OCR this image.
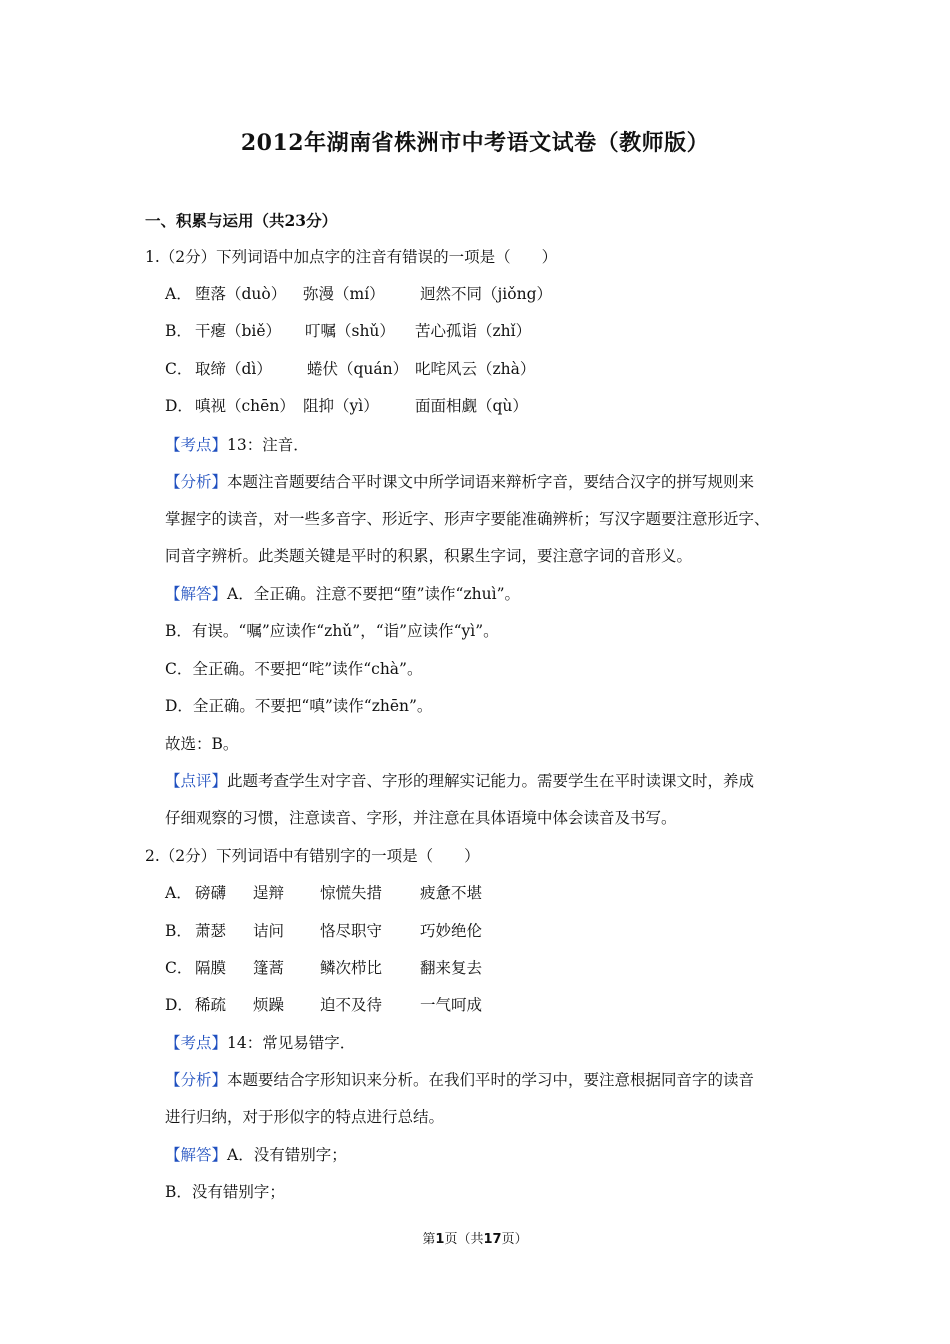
2012年湖南省株洲市中考语文试卷（教师版）
一、积累与运用（共23分）
1.（2分）下列词语中加点字的注音有错误的一项是（　　）
A． 堕落（duò） 弥漫（mí） 迥然不同（jiǒng）
B． 干瘪（biě） 叮嘱（shǔ） 苦心孤诣（zhǐ）
C． 取缔（dì） 蜷伏（quán） 叱咤风云（zhà）
D． 嗔视（chēn） 阻抑（yì） 面面相觑（qù）
【考点】13：注音．
【分析】本题注音题要结合平时课文中所学词语来辩析字音，要结合汉字的拼写规则来
掌握字的读音，对一些多音字、形近字、形声字要能准确辨析；写汉字题要注意形近字、
同音字辨析。此类题关键是平时的积累，积累生字词，要注意字词的音形义。
【解答】A．全正确。注意不要把“堕”读作“zhuì”。
B．有误。“嘱”应读作“zhǔ”，“诣”应读作“yì”。
C．全正确。不要把“咤”读作“chà”。
D．全正确。不要把“嗔”读作“zhēn”。
故选：B。
【点评】此题考查学生对字音、字形的理解实记能力。需要学生在平时读课文时，养成
仔细观察的习惯，注意读音、字形，并注意在具体语境中体会读音及书写。
2.（2分）下列词语中有错别字的一项是（　　）
A． 磅礴 逞辩 惊慌失措 疲惫不堪
B． 萧瑟 诘问 恪尽职守 巧妙绝伦
C． 隔膜 篷蒿 鳞次栉比 翻来复去
D． 稀疏 烦躁 迫不及待 一气呵成
【考点】14：常见易错字．
【分析】本题要结合字形知识来分析。在我们平时的学习中，要注意根据同音字的读音
进行归纳，对于形似字的特点进行总结。
【解答】A．没有错别字；
B．没有错别字；
第1页（共17页）
